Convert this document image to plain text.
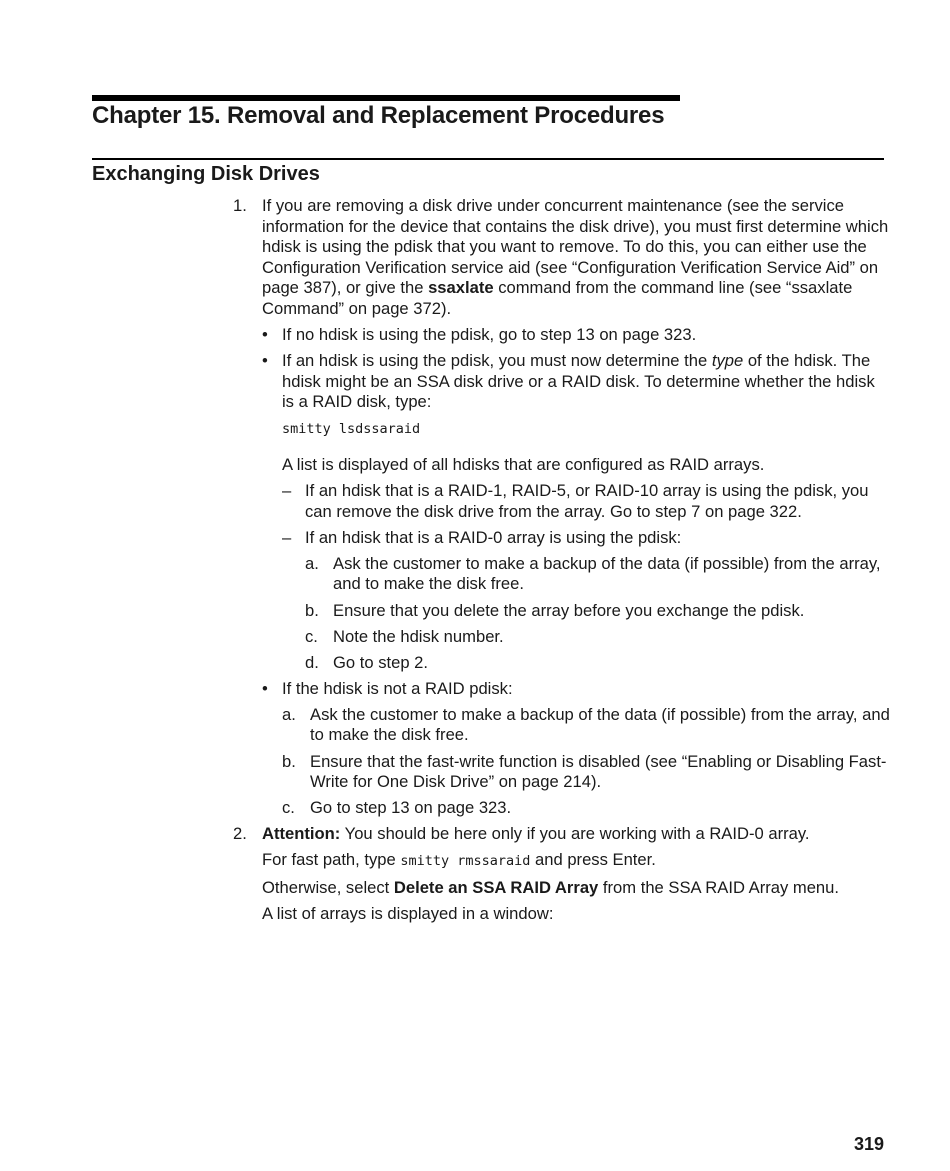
Chapter 15. Removal and Replacement Procedures
Exchanging Disk Drives
1. If you are removing a disk drive under concurrent maintenance (see the service information for the device that contains the disk drive), you must first determine which hdisk is using the pdisk that you want to remove. To do this, you can either use the Configuration Verification service aid (see “Configuration Verification Service Aid” on page 387), or give the ssaxlate command from the command line (see “ssaxlate Command” on page 372).

• If no hdisk is using the pdisk, go to step 13 on page 323.

• If an hdisk is using the pdisk, you must now determine the type of the hdisk. The hdisk might be an SSA disk drive or a RAID disk. To determine whether the hdisk is a RAID disk, type:

smitty lsdssaraid

A list is displayed of all hdisks that are configured as RAID arrays.

– If an hdisk that is a RAID-1, RAID-5, or RAID-10 array is using the pdisk, you can remove the disk drive from the array. Go to step 7 on page 322.

– If an hdisk that is a RAID-0 array is using the pdisk:

a. Ask the customer to make a backup of the data (if possible) from the array, and to make the disk free.

b. Ensure that you delete the array before you exchange the pdisk.

c. Note the hdisk number.

d. Go to step 2.

• If the hdisk is not a RAID pdisk:

a. Ask the customer to make a backup of the data (if possible) from the array, and to make the disk free.

b. Ensure that the fast-write function is disabled (see “Enabling or Disabling Fast-Write for One Disk Drive” on page 214).

c. Go to step 13 on page 323.

2. Attention: You should be here only if you are working with a RAID-0 array.

For fast path, type smitty rmssaraid and press Enter.

Otherwise, select Delete an SSA RAID Array from the SSA RAID Array menu.

A list of arrays is displayed in a window:

319
